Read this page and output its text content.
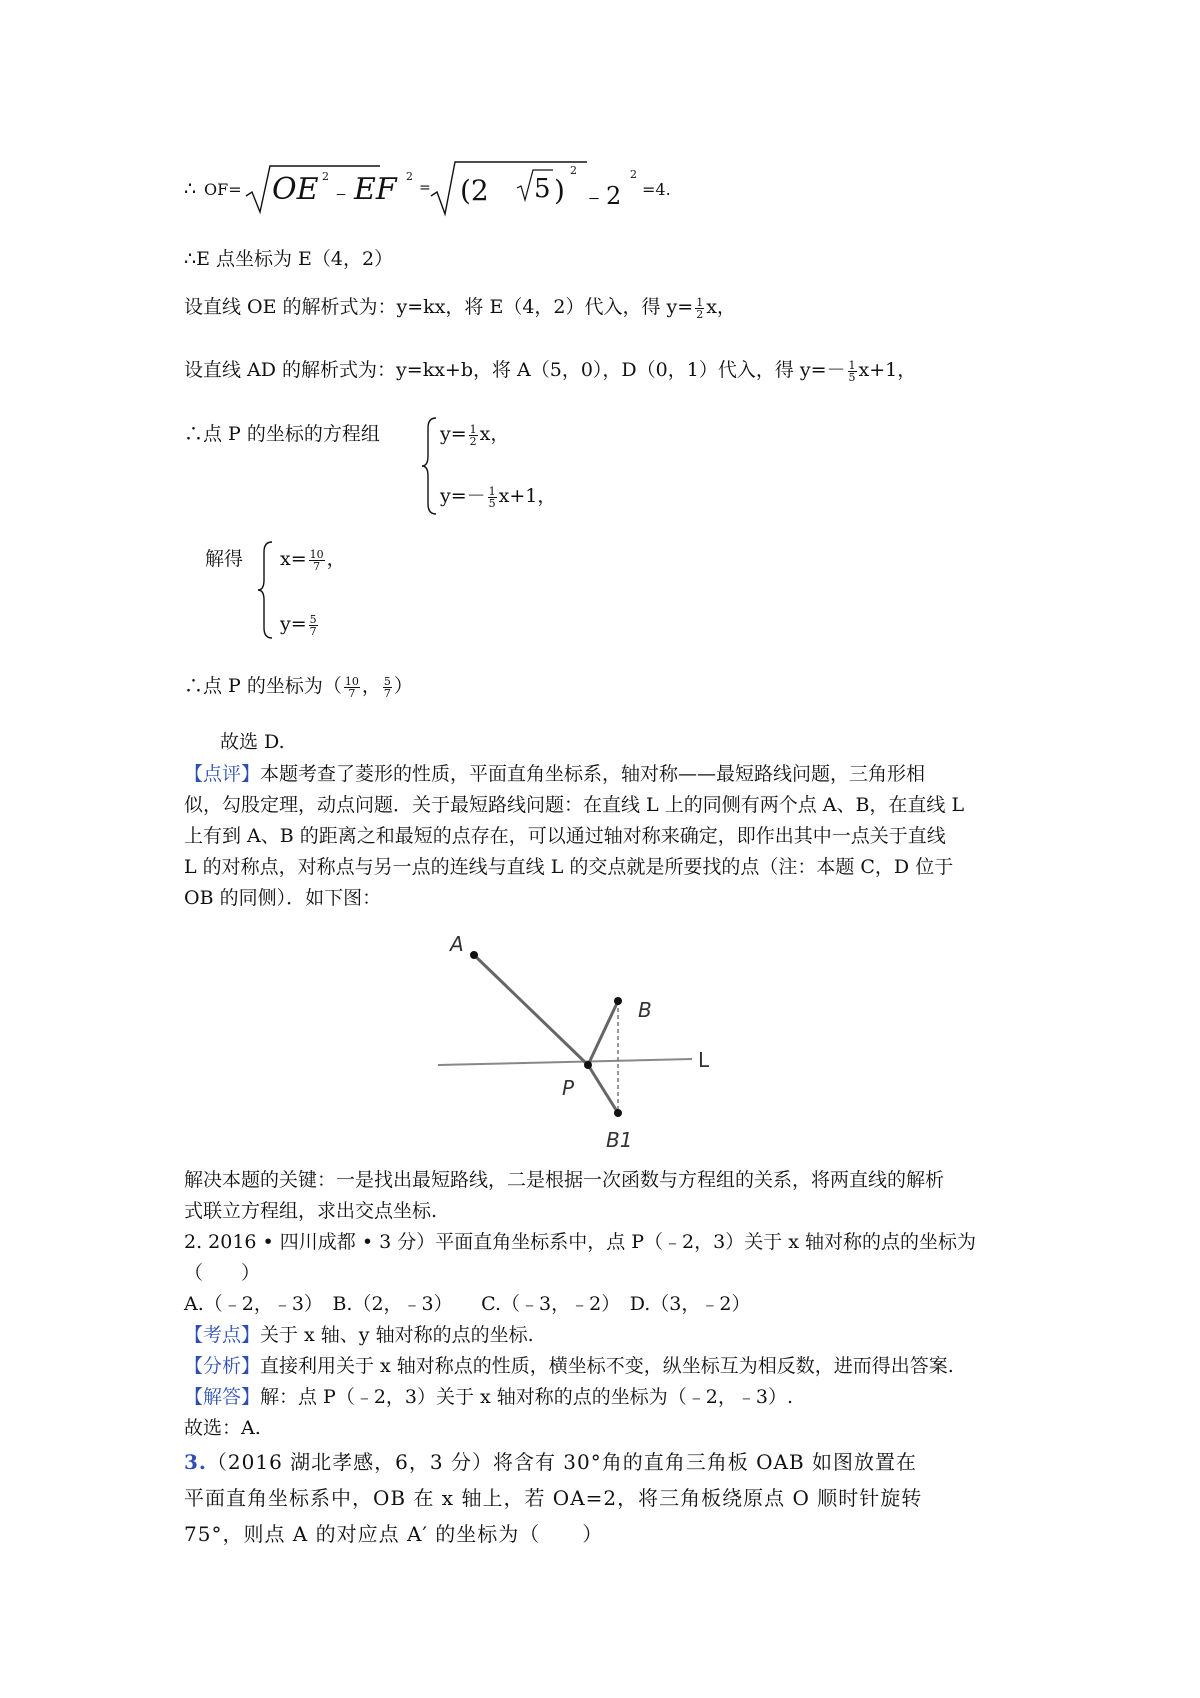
∴ OF= OE 2
﹣ EF 2
= (2 5 )
2
﹣2
2
=4.
∴E 点坐标为 E（4，2）
设直线 OE 的解析式为：y=kx，将 E（4，2）代入，得 $y= \frac{1}{2}$ x，
设直线 AD 的解析式为：y=kx+b，将 A（5，0），D（0，1）代入，得 $y=- \frac{1}{5} x+1$，
∴点 P 的坐标的方程组	$y= \frac{1}{2}$ x，
$y=- \frac{1}{5} x+1$，
解得 $x= \frac{10}{7}$ ，
$y= \frac{5}{7}$
∴点 P 的坐标为（ $\frac{10}{7}$ ， $\frac{5}{7}$ ）
故选 D.
【点评】本题考查了菱形的性质，平面直角坐标系，轴对称——最短路线问题，三角形相
似，勾股定理，动点问题．关于最短路线问题：在直线 L 上的同侧有两个点 A、B，在直线 L
上有到 A、B 的距离之和最短的点存在，可以通过轴对称来确定，即作出其中一点关于直线
L 的对称点，对称点与另一点的连线与直线 L 的交点就是所要找的点（注：本题 C，D 位于
OB 的同侧）．如下图：
A
B
L
P
B1
解决本题的关键：一是找出最短路线，二是根据一次函数与方程组的关系，将两直线的解析
式联立方程组，求出交点坐标.
2. 2016 • 四川成都 • 3 分）平面直角坐标系中，点 P（﹣2，3）关于 x 轴对称的点的坐标为
（　　）
A.（﹣2，﹣3）　B.（2，﹣3）　　C.（﹣3，﹣2）　D.（3，﹣2）
【考点】关于 x 轴、y 轴对称的点的坐标.
【分析】直接利用关于 x 轴对称点的性质，横坐标不变，纵坐标互为相反数，进而得出答案.
【解答】解：点 P（﹣2，3）关于 x 轴对称的点的坐标为（﹣2，﹣3）.
故选：A.
3.（2016 湖北孝感，6，3 分）将含有 30°角的直角三角板 OAB 如图放置在
平面直角坐标系中，OB 在 x 轴上，若 OA=2，将三角板绕原点 O 顺时针旋转
75°，则点 A 的对应点 A′ 的坐标为（　　）
